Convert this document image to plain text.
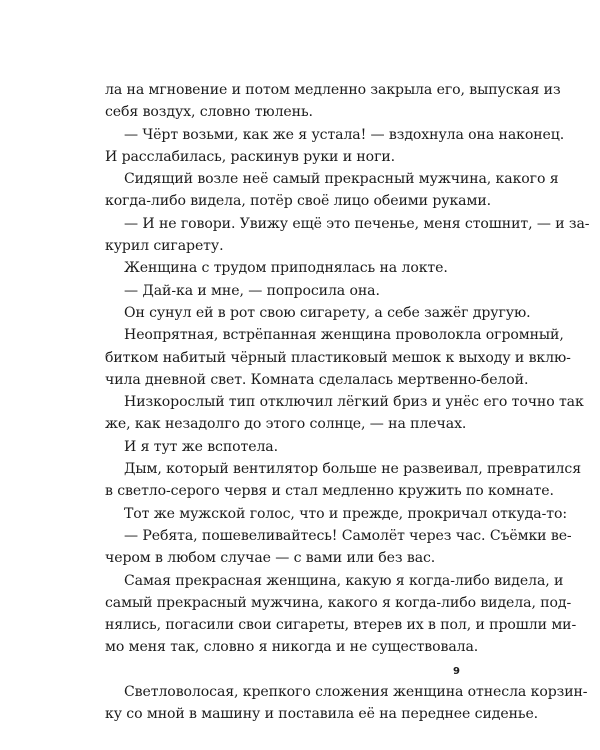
ла на мгновение и потом медленно закрыла его, выпуская из
себя воздух, словно тюлень.
— Чёрт возьми, как же я устала! — вздохнула она наконец.
И расслабилась, раскинув руки и ноги.
Сидящий возле неё самый прекрасный мужчина, какого я
когда-либо видела, потёр своё лицо обеими руками.
— И не говори. Увижу ещё это печенье, меня стошнит, — и за-
курил сигарету.
Женщина с трудом приподнялась на локте.
— Дай-ка и мне, — попросила она.
Он сунул ей в рот свою сигарету, а себе зажёг другую.
Неопрятная, встрёпанная женщина проволокла огромный,
битком набитый чёрный пластиковый мешок к выходу и вклю-
чила дневной свет. Комната сделалась мертвенно-белой.
Низкорослый тип отключил лёгкий бриз и унёс его точно так
же, как незадолго до этого солнце, — на плечах.
И я тут же вспотела.
Дым, который вентилятор больше не развеивал, превратился
в светло-серого червя и стал медленно кружить по комнате.
Тот же мужской голос, что и прежде, прокричал откуда-то:
— Ребята, пошевеливайтесь! Самолёт через час. Съёмки ве-
чером в любом случае — с вами или без вас.
Самая прекрасная женщина, какую я когда-либо видела, и
самый прекрасный мужчина, какого я когда-либо видела, под-
нялись, погасили свои сигареты, втерев их в пол, и прошли ми-
мо меня так, словно я никогда и не существовала.
Светловолосая, крепкого сложения женщина отнесла корзин-
ку со мной в машину и поставила её на переднее сиденье.
9
